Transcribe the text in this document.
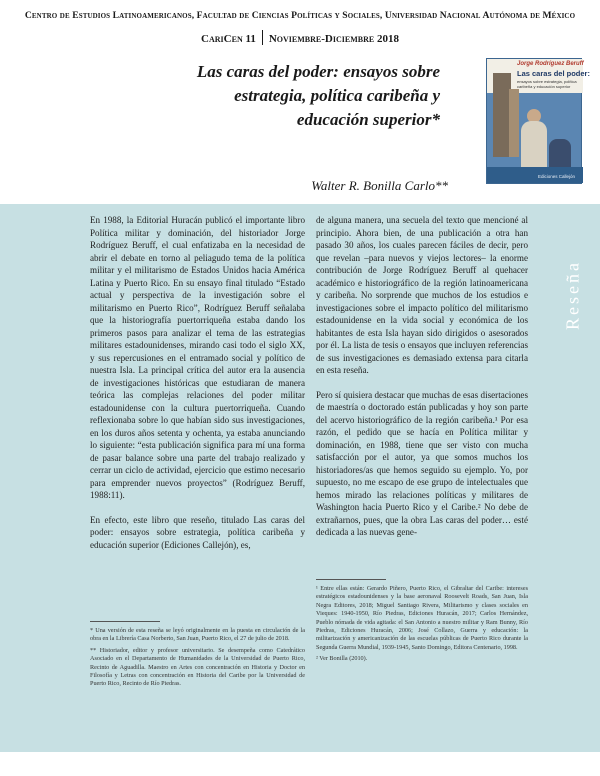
Centro de Estudios Latinoamericanos, Facultad de Ciencias Políticas y Sociales, Universidad Nacional Autónoma de México
CariCen 11 Noviembre-Diciembre 2018
Las caras del poder: ensayos sobre
estrategia, política caribeña y
educación superior*
Jorge Rodríguez Beruff
Las caras del poder:
ensayos sobre estrategia, política caribeña y educación superior
Ediciones Callejón
Walter R. Bonilla Carlo**
Reseña

En 1988, la Editorial Huracán publicó el importante libro Política militar y dominación, del historiador Jorge Rodríguez Beruff, el cual enfatizaba en la necesidad de abrir el debate en torno al peliagudo tema de la política militar y el militarismo de Estados Unidos hacia América Latina y Puerto Rico. En su ensayo final titulado “Estado actual y perspectiva de la investigación sobre el militarismo en Puerto Rico”, Rodríguez Beruff señalaba que la historiografía puertorriqueña estaba dando los primeros pasos para analizar el tema de las estrategias militares estadounidenses, mirando casi todo el siglo XX, y sus repercusiones en el entramado social y político de nuestra Isla. La principal crítica del autor era la ausencia de investigaciones históricas que estudiaran de manera teórica las complejas relaciones del poder militar estadounidense con la cultura puertorriqueña. Cuando reflexionaba sobre lo que habían sido sus investigaciones, en los duros años setenta y ochenta, ya estaba anunciando lo siguiente: “esta publicación significa para mí una forma de pasar balance sobre una parte del trabajo realizado y cerrar un ciclo de actividad, ejercicio que estimo necesario para emprender nuevos proyectos” (Rodríguez Beruff, 1988:11).

En efecto, este libro que reseño, titulado Las caras del poder: ensayos sobre estrategia, política caribeña y educación superior (Ediciones Callejón), es,

de alguna manera, una secuela del texto que mencioné al principio. Ahora bien, de una publicación a otra han pasado 30 años, los cuales parecen fáciles de decir, pero que revelan –para nuevos y viejos lectores– la enorme contribución de Jorge Rodríguez Beruff al quehacer académico e historiográfico de la región latinoamericana y caribeña. No sorprende que muchos de los estudios e investigaciones sobre el impacto político del militarismo estadounidense en la vida social y económica de los habitantes de esta Isla hayan sido dirigidos o asesorados por él. La lista de tesis o ensayos que incluyen referencias de sus investigaciones es demasiado extensa para citarla en esta reseña.

Pero sí quisiera destacar que muchas de esas disertaciones de maestría o doctorado están publicadas y hoy son parte del acervo historiográfico de la región caribeña.¹ Por esa razón, el pedido que se hacía en Política militar y dominación, en 1988, tiene que ser visto con mucha satisfacción por el autor, ya que somos muchos los historiadores/as que hemos seguido su ejemplo. Yo, por supuesto, no me escapo de ese grupo de intelectuales que hemos mirado las relaciones políticas y militares de Washington hacia Puerto Rico y el Caribe.² No debe de extrañarnos, pues, que la obra Las caras del poder… esté dedicada a las nuevas gene-

* Una versión de esta reseña se leyó originalmente en la puesta en circulación de la obra en la Librería Casa Norberto, San Juan, Puerto Rico, el 27 de julio de 2018.

** Historiador, editor y profesor universitario. Se desempeña como Catedrático Asociado en el Departamento de Humanidades de la Universidad de Puerto Rico, Recinto de Aguadilla. Maestro en Artes con concentración en Historia y Doctor en Filosofía y Letras con concentración en Historia del Caribe por la Universidad de Puerto Rico, Recinto de Río Piedras.

¹ Entre ellas están: Gerardo Piñero, Puerto Rico, el Gibraltar del Caribe: intereses estratégicos estadounidenses y la base aeronaval Roosevelt Roads, San Juan, Isla Negra Editores, 2018; Miguel Santiago Rivera, Militarismo y clases sociales en Vieques: 1940-1950, Río Piedras, Ediciones Huracán, 2017; Carlos Hernández, Pueblo nómada de vida agitada: el San Antonio a nuestro militar y Ram Bunny, Río Piedras, Ediciones Huracán, 2006; José Collazo, Guerra y educación: la militarización y americanización de las escuelas públicas de Puerto Rico durante la Segunda Guerra Mundial, 1939-1945, Santo Domingo, Editora Centenario, 1998.

² Ver Bonilla (2010).
